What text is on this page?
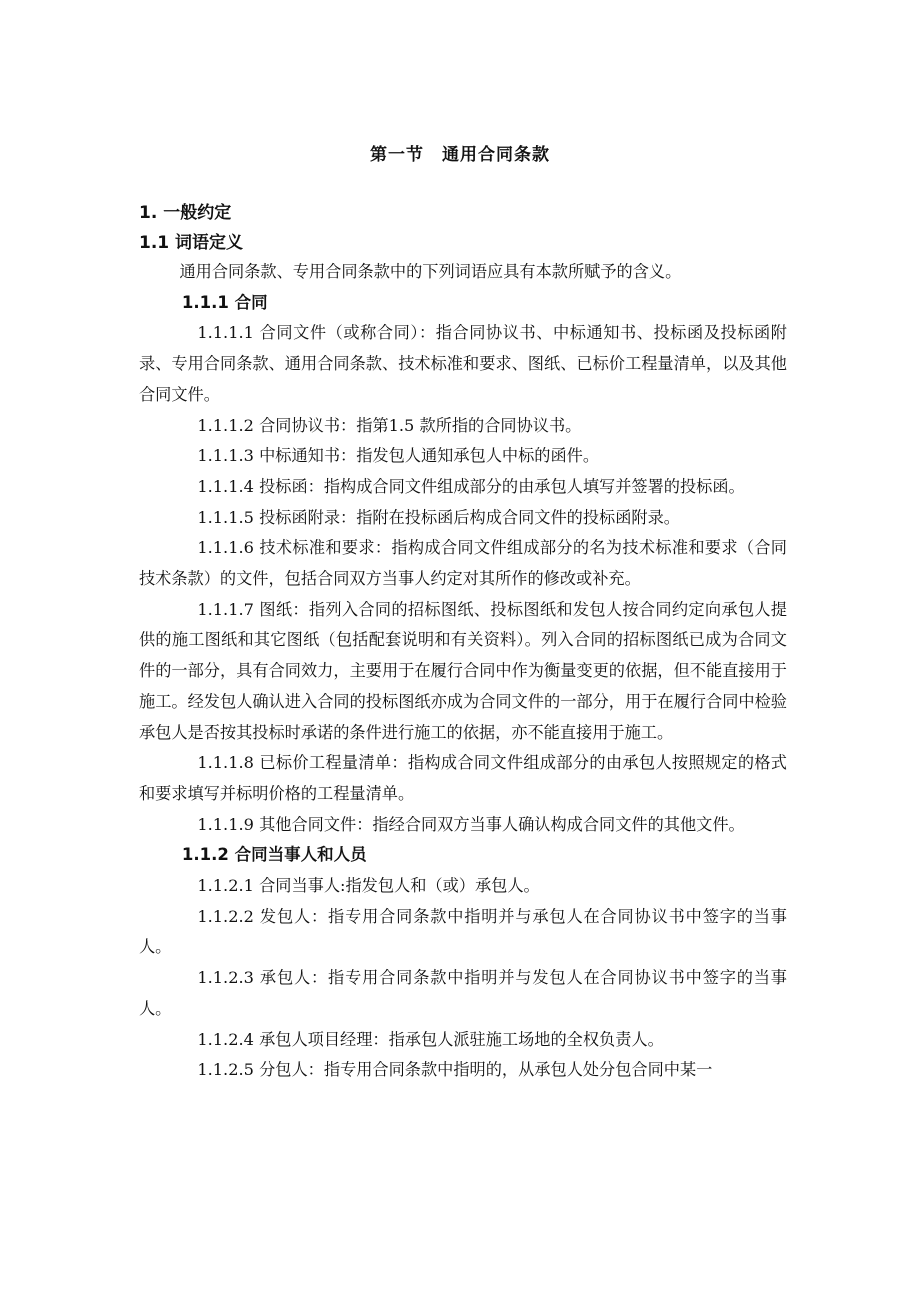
第一节　通用合同条款
1. 一般约定
1.1 词语定义

通用合同条款、专用合同条款中的下列词语应具有本款所赋予的含义。

1.1.1 合同

1.1.1.1 合同文件（或称合同）：指合同协议书、中标通知书、投标函及投标函附录、专用合同条款、通用合同条款、技术标准和要求、图纸、已标价工程量清单，以及其他合同文件。

1.1.1.2 合同协议书：指第1.5 款所指的合同协议书。

1.1.1.3 中标通知书：指发包人通知承包人中标的函件。

1.1.1.4 投标函：指构成合同文件组成部分的由承包人填写并签署的投标函。

1.1.1.5 投标函附录：指附在投标函后构成合同文件的投标函附录。

1.1.1.6 技术标准和要求：指构成合同文件组成部分的名为技术标准和要求（合同技术条款）的文件，包括合同双方当事人约定对其所作的修改或补充。

1.1.1.7 图纸：指列入合同的招标图纸、投标图纸和发包人按合同约定向承包人提供的施工图纸和其它图纸（包括配套说明和有关资料）。列入合同的招标图纸已成为合同文件的一部分，具有合同效力，主要用于在履行合同中作为衡量变更的依据，但不能直接用于施工。经发包人确认进入合同的投标图纸亦成为合同文件的一部分，用于在履行合同中检验承包人是否按其投标时承诺的条件进行施工的依据，亦不能直接用于施工。

1.1.1.8 已标价工程量清单：指构成合同文件组成部分的由承包人按照规定的格式和要求填写并标明价格的工程量清单。

1.1.1.9 其他合同文件：指经合同双方当事人确认构成合同文件的其他文件。

1.1.2 合同当事人和人员

1.1.2.1 合同当事人:指发包人和（或）承包人。

1.1.2.2 发包人：指专用合同条款中指明并与承包人在合同协议书中签字的当事人。

1.1.2.3 承包人：指专用合同条款中指明并与发包人在合同协议书中签字的当事人。

1.1.2.4 承包人项目经理：指承包人派驻施工场地的全权负责人。

1.1.2.5 分包人：指专用合同条款中指明的，从承包人处分包合同中某一
